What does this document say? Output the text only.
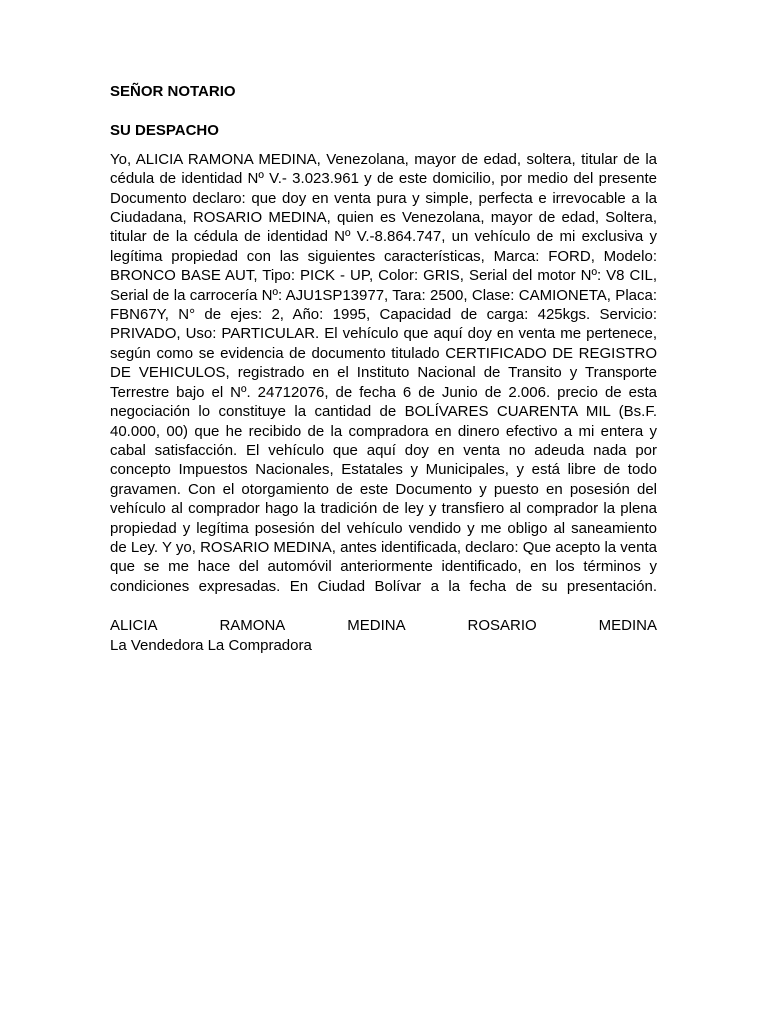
SEÑOR NOTARIO

SU DESPACHO

Yo, ALICIA RAMONA MEDINA, Venezolana, mayor de edad, soltera, titular de la cédula de identidad Nº V.- 3.023.961 y de este domicilio, por medio del presente Documento declaro: que doy en venta pura y simple, perfecta e irrevocable a la Ciudadana, ROSARIO MEDINA, quien es Venezolana, mayor de edad, Soltera, titular de la cédula de identidad Nº V.-8.864.747, un vehículo de mi exclusiva y legítima propiedad con las siguientes características, Marca: FORD, Modelo: BRONCO BASE AUT, Tipo: PICK - UP, Color: GRIS, Serial del motor Nº: V8 CIL, Serial de la carrocería Nº: AJU1SP13977, Tara: 2500, Clase: CAMIONETA, Placa: FBN67Y, N° de ejes: 2, Año: 1995, Capacidad de carga: 425kgs. Servicio: PRIVADO, Uso: PARTICULAR. El vehículo que aquí doy en venta me pertenece, según como se evidencia de documento titulado CERTIFICADO DE REGISTRO DE VEHICULOS, registrado en el Instituto Nacional de Transito y Transporte Terrestre bajo el Nº. 24712076, de fecha 6 de Junio de 2.006. precio de esta negociación lo constituye la cantidad de BOLÍVARES CUARENTA MIL (Bs.F. 40.000, 00) que he recibido de la compradora en dinero efectivo a mi entera y cabal satisfacción. El vehículo que aquí doy en venta no adeuda nada por concepto Impuestos Nacionales, Estatales y Municipales, y está libre de todo gravamen. Con el otorgamiento de este Documento y puesto en posesión del vehículo al comprador hago la tradición de ley y transfiero al comprador la plena propiedad y legítima posesión del vehículo vendido y me obligo al saneamiento de Ley. Y yo, ROSARIO MEDINA, antes identificada, declaro: Que acepto la venta que se me hace del automóvil anteriormente identificado, en los términos y condiciones expresadas. En Ciudad Bolívar a la fecha de su presentación.

ALICIA	RAMONA	MEDINA	ROSARIO	MEDINA
La Vendedora La Compradora
